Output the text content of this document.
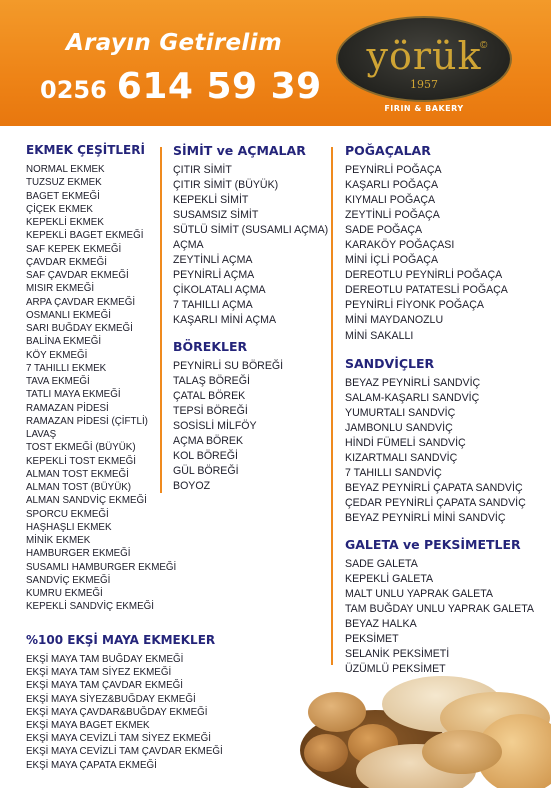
Arayın Getirelim
0256 614 59 39
yörük
©
1957
FIRIN & BAKERY
EKMEK ÇEŞİTLERİ
NORMAL EKMEK
TUZSUZ EKMEK
BAGET EKMEĞİ
ÇİÇEK EKMEK
KEPEKLİ EKMEK
KEPEKLİ BAGET EKMEĞİ
SAF KEPEK EKMEĞİ
ÇAVDAR EKMEĞİ
SAF ÇAVDAR EKMEĞİ
MISIR EKMEĞİ
ARPA ÇAVDAR EKMEĞİ
OSMANLI EKMEĞİ
SARI BUĞDAY EKMEĞİ
BALİNA EKMEĞİ
KÖY EKMEĞİ
7 TAHILLI EKMEK
TAVA EKMEĞİ
TATLI MAYA EKMEĞİ
RAMAZAN PİDESİ
RAMAZAN PİDESİ (ÇİFTLİ)
LAVAŞ
TOST EKMEĞİ (BÜYÜK)
KEPEKLİ TOST EKMEĞİ
ALMAN TOST EKMEĞİ
ALMAN TOST (BÜYÜK)
ALMAN SANDVİÇ EKMEĞİ
SPORCU EKMEĞİ
HAŞHAŞLI EKMEK
MİNİK EKMEK
HAMBURGER EKMEĞİ
SUSAMLI HAMBURGER EKMEĞİ
SANDVİÇ EKMEĞİ
KUMRU EKMEĞİ
KEPEKLİ SANDVİÇ EKMEĞİ
%100 EKŞİ MAYA EKMEKLER
EKŞİ MAYA TAM BUĞDAY EKMEĞİ
EKŞİ MAYA TAM SİYEZ EKMEĞİ
EKŞİ MAYA TAM ÇAVDAR EKMEĞİ
EKŞİ MAYA SİYEZ&BUĞDAY EKMEĞİ
EKŞİ MAYA ÇAVDAR&BUĞDAY EKMEĞİ
EKŞİ MAYA BAGET EKMEK
EKŞİ MAYA CEVİZLİ TAM SİYEZ EKMEĞİ
EKŞİ MAYA CEVİZLİ TAM ÇAVDAR EKMEĞİ
EKŞİ MAYA ÇAPATA EKMEĞİ
SİMİT ve AÇMALAR
ÇITIR SİMİT
ÇITIR SİMİT (BÜYÜK)
KEPEKLİ SİMİT
SUSAMSIZ SİMİT
SÜTLÜ SİMİT (SUSAMLI AÇMA)
AÇMA
ZEYTİNLİ AÇMA
PEYNİRLİ AÇMA
ÇİKOLATALI AÇMA
7 TAHILLI AÇMA
KAŞARLI MİNİ AÇMA
BÖREKLER
PEYNİRLİ SU BÖREĞİ
TALAŞ BÖREĞİ
ÇATAL BÖREK
TEPSİ BÖREĞİ
SOSİSLİ MİLFÖY
AÇMA BÖREK
KOL BÖREĞİ
GÜL BÖREĞİ
BOYOZ
POĞAÇALAR
PEYNİRLİ POĞAÇA
KAŞARLI POĞAÇA
KIYMALI POĞAÇA
ZEYTİNLİ POĞAÇA
SADE POĞAÇA
KARAKÖY POĞAÇASI
MİNİ İÇLİ POĞAÇA
DEREOTLU PEYNİRLİ POĞAÇA
DEREOTLU PATATESLİ POĞAÇA
PEYNİRLİ FİYONK POĞAÇA
MİNİ MAYDANOZLU
MİNİ SAKALLI
SANDVİÇLER
BEYAZ PEYNİRLİ SANDVİÇ
SALAM-KAŞARLI SANDVİÇ
YUMURTALI SANDVİÇ
JAMBONLU SANDVİÇ
HİNDİ FÜMELİ SANDVİÇ
KIZARTMALI SANDVİÇ
7 TAHILLI SANDVİÇ
BEYAZ PEYNİRLİ ÇAPATA SANDVİÇ
ÇEDAR PEYNİRLİ ÇAPATA SANDVİÇ
BEYAZ PEYNİRLİ MİNİ SANDVİÇ
GALETA ve PEKSİMETLER
SADE GALETA
KEPEKLİ GALETA
MALT UNLU YAPRAK GALETA
TAM BUĞDAY UNLU YAPRAK GALETA
BEYAZ HALKA
PEKSİMET
SELANİK PEKSİMETİ
ÜZÜMLÜ PEKSİMET
